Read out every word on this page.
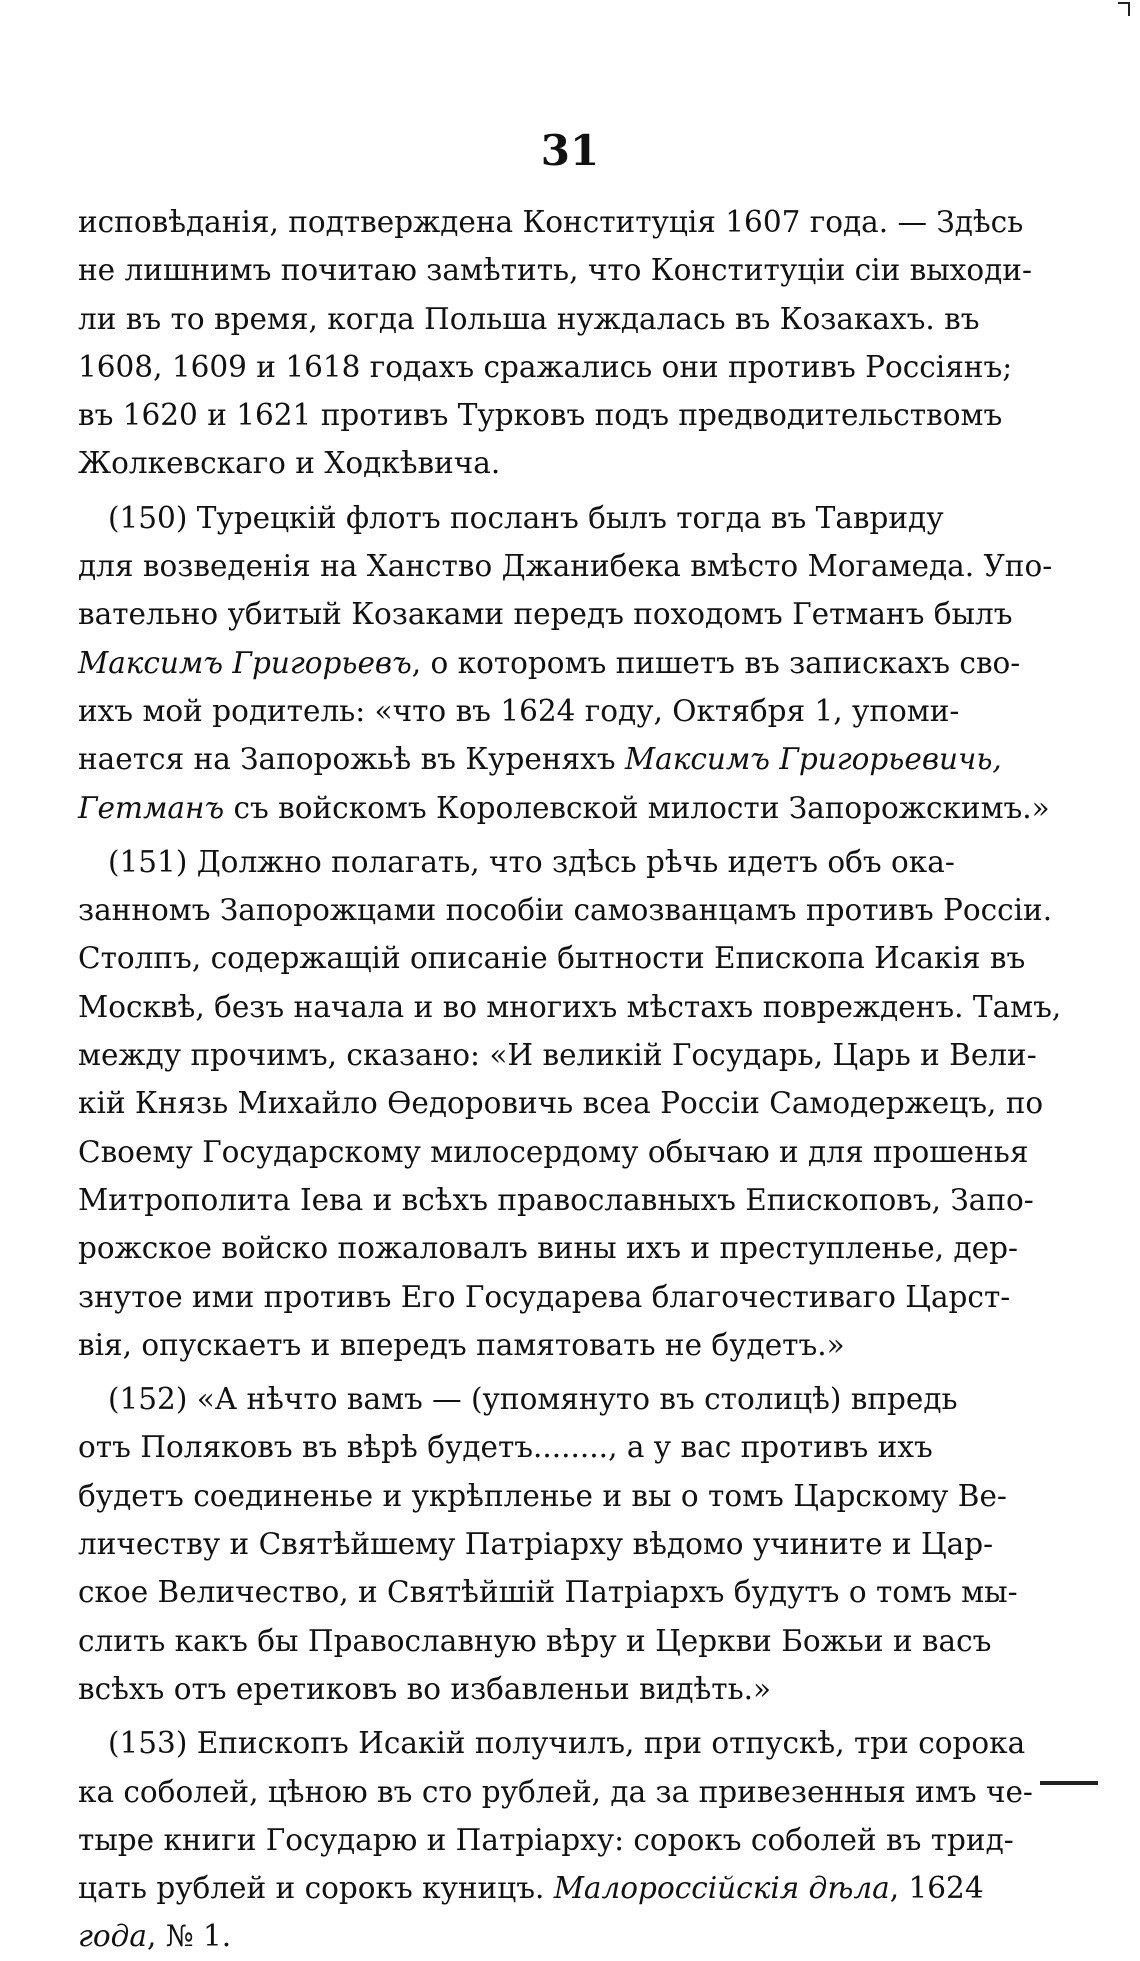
31
исповѣданія, подтверждена Конституція 1607 года. — Здѣсь
не лишнимъ почитаю замѣтить, что Конституціи сіи выходи-
ли въ то время, когда Польша нуждалась въ Козакахъ. въ
1608, 1609 и 1618 годахъ сражались они противъ Россіянъ;
въ 1620 и 1621 противъ Турковъ подъ предводительствомъ
Жолкевскаго и Ходкѣвича.
(150) Турецкій флотъ посланъ былъ тогда въ Тавриду
для возведенія на Ханство Джанибека вмѣсто Могамеда. Упо-
вательно убитый Козаками передъ походомъ Гетманъ былъ
Максимъ Григорьевъ, о которомъ пишетъ въ запискахъ сво-
ихъ мой родитель: «что въ 1624 году, Октября 1, упоми-
нается на Запорожьѣ въ Куреняхъ Максимъ Григорьевичь,
Гетманъ съ войскомъ Королевской милости Запорожскимъ.»
(151) Должно полагать, что здѣсь рѣчь идетъ объ ока-
занномъ Запорожцами пособіи самозванцамъ противъ Россіи.
Столпъ, содержащій описаніе бытности Епископа Исакія въ
Москвѣ, безъ начала и во многихъ мѣстахъ поврежденъ. Тамъ,
между прочимъ, сказано: «И великій Государь, Царь и Вели-
кій Князь Михайло Ѳедоровичь всеа Россіи Самодержецъ, по
Своему Государскому милосердому обычаю и для прошенья
Митрополита Іева и всѣхъ православныхъ Епископовъ, Запо-
рожское войско пожаловалъ вины ихъ и преступленье, дер-
знутое ими противъ Его Государева благочестиваго Царст-
вія, опускаетъ и впередъ памятовать не будетъ.»
(152) «А нѣчто вамъ — (упомянуто въ столицѣ) впредь
отъ Поляковъ въ вѣрѣ будетъ........, а у вас противъ ихъ
будетъ соединенье и укрѣпленье и вы о томъ Царскому Ве-
личеству и Святѣйшему Патріарху вѣдомо учините и Цар-
ское Величество, и Святѣйшій Патріархъ будутъ о томъ мы-
слить какъ бы Православную вѣру и Церкви Божьи и васъ
всѣхъ отъ еретиковъ во избавленьи видѣть.»
(153) Епископъ Исакій получилъ, при отпускѣ, три сорока
ка соболей, цѣною въ сто рублей, да за привезенныя имъ че-
тыре книги Государю и Патріарху: сорокъ соболей въ трид-
цать рублей и сорокъ куницъ. Малороссійскія дѣла, 1624
года, № 1.
